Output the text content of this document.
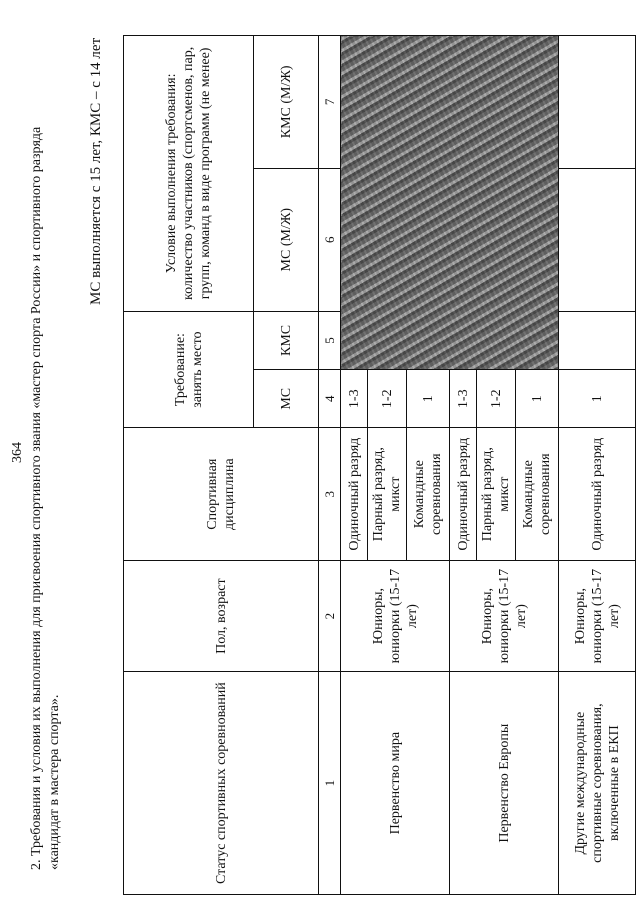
364 2. Требования и условия их выполнения для присвоения спортивного звания «мастер спорта России» и спортивного разряда «кандидат в мастера спорта».
МС выполняется с 15 лет, КМС – с 14 лет
Статус спортивных соревнований	Пол, возраст	Спортивная дисциплина	Требование: занять место		Условие выполнения требования: количество участников (спортсменов, пар, групп, команд в виде программ (не менее)	
			МС	КМС	МС (М/Ж)	КМС (М/Ж)
1	2	3	4	5	6	7
Первенство мира	Юниоры, юниорки (15-17 лет)	Одиночный разряд	1-3			
		Парный разряд, микст	1-2			
		Командные соревнования	1			
Первенство Европы	Юниоры, юниорки (15-17 лет)	Одиночный разряд	1-3			
		Парный разряд, микст	1-2			
		Командные соревнования	1			
Другие международные спортивные соревнования, включенные в ЕКП	Юниоры, юниорки (15-17 лет)	Одиночный разряд	1			
